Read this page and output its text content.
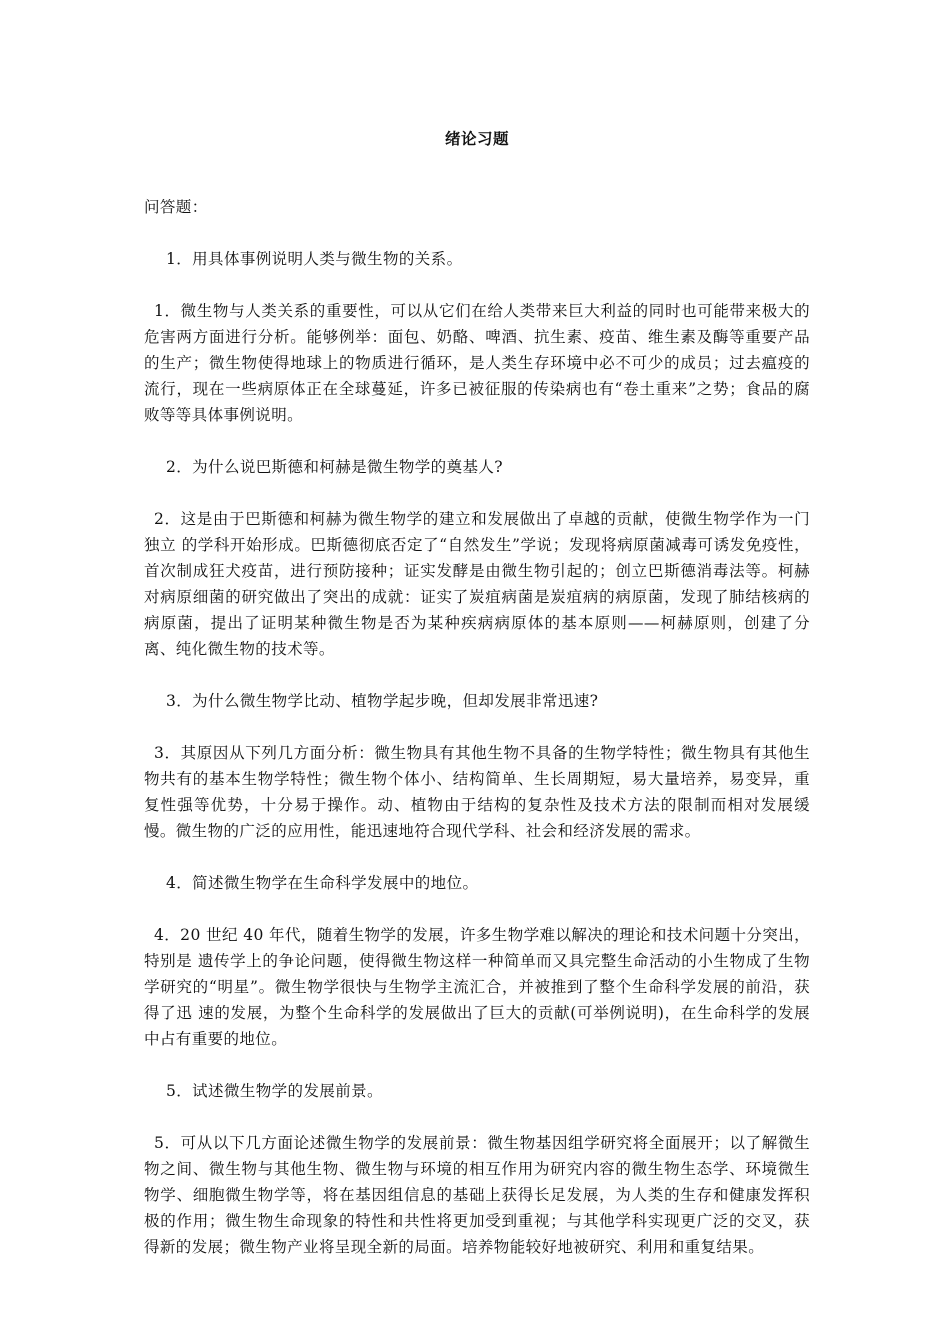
绪论习题

问答题：

1．用具体事例说明人类与微生物的关系。

1．微生物与人类关系的重要性，可以从它们在给人类带来巨大利益的同时也可能带来极大的危害两方面进行分析。能够例举：面包、奶酪、啤酒、抗生素、疫苗、维生素及酶等重要产品的生产；微生物使得地球上的物质进行循环，是人类生存环境中必不可少的成员；过去瘟疫的流行，现在一些病原体正在全球蔓延，许多已被征服的传染病也有“卷土重来”之势；食品的腐败等等具体事例说明。

2．为什么说巴斯德和柯赫是微生物学的奠基人?

2．这是由于巴斯德和柯赫为微生物学的建立和发展做出了卓越的贡献，使微生物学作为一门独立 的学科开始形成。巴斯德彻底否定了“自然发生”学说；发现将病原菌减毒可诱发免疫性，首次制成狂犬疫苗，进行预防接种；证实发酵是由微生物引起的；创立巴斯德消毒法等。柯赫对病原细菌的研究做出了突出的成就：证实了炭疽病菌是炭疽病的病原菌，发现了肺结核病的病原菌，提出了证明某种微生物是否为某种疾病病原体的基本原则——柯赫原则，创建了分离、纯化微生物的技术等。

3．为什么微生物学比动、植物学起步晚，但却发展非常迅速?

3．其原因从下列几方面分析：微生物具有其他生物不具备的生物学特性；微生物具有其他生物共有的基本生物学特性；微生物个体小、结构简单、生长周期短，易大量培养，易变异，重复性强等优势，十分易于操作。动、植物由于结构的复杂性及技术方法的限制而相对发展缓慢。微生物的广泛的应用性，能迅速地符合现代学科、社会和经济发展的需求。

4．简述微生物学在生命科学发展中的地位。

4．20 世纪 40 年代，随着生物学的发展，许多生物学难以解决的理论和技术问题十分突出，特别是 遗传学上的争论问题，使得微生物这样一种简单而又具完整生命活动的小生物成了生物学研究的“明星”。微生物学很快与生物学主流汇合，并被推到了整个生命科学发展的前沿，获得了迅 速的发展，为整个生命科学的发展做出了巨大的贡献(可举例说明)，在生命科学的发展中占有重要的地位。

5．试述微生物学的发展前景。

5．可从以下几方面论述微生物学的发展前景：微生物基因组学研究将全面展开；以了解微生物之间、微生物与其他生物、微生物与环境的相互作用为研究内容的微生物生态学、环境微生物学、细胞微生物学等，将在基因组信息的基础上获得长足发展，为人类的生存和健康发挥积极的作用；微生物生命现象的特性和共性将更加受到重视；与其他学科实现更广泛的交叉，获得新的发展；微生物产业将呈现全新的局面。培养物能较好地被研究、利用和重复结果。
